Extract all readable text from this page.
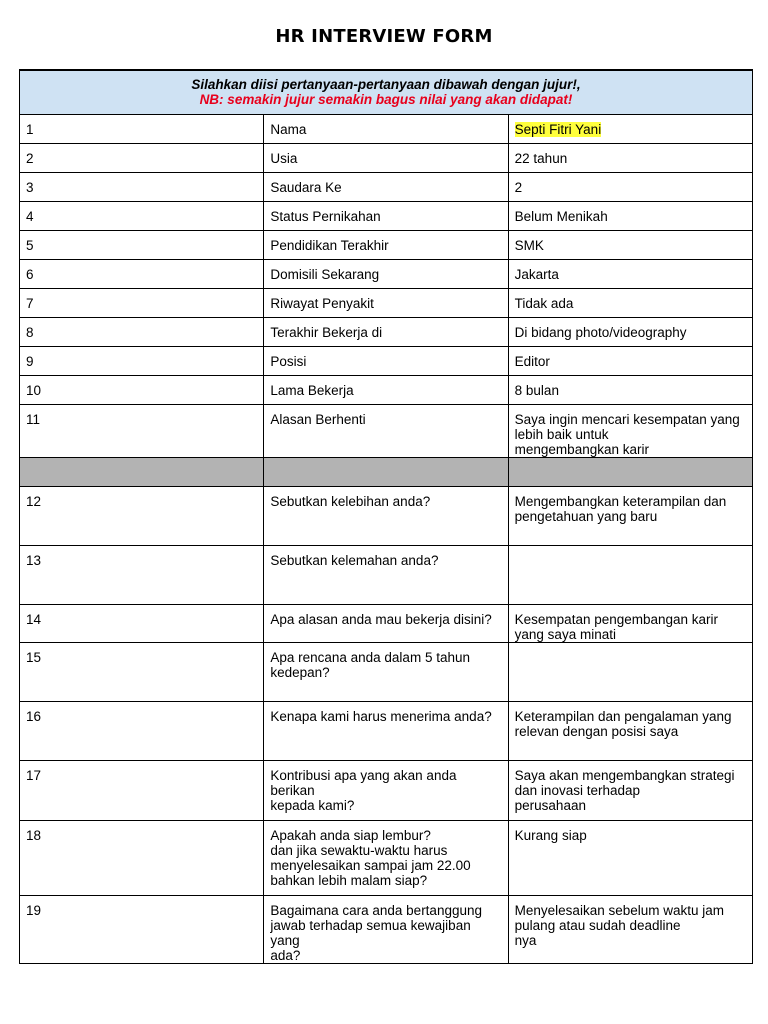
HR INTERVIEW FORM
Silahkan diisi pertanyaan-pertanyaan dibawah dengan jujur!,
NB: semakin jujur semakin bagus nilai yang akan didapat!		

1	Nama	Septi Fitri Yani
2	Usia	22 tahun
3	Saudara Ke	2
4	Status Pernikahan	Belum Menikah
5	Pendidikan Terakhir	SMK
6	Domisili Sekarang	Jakarta
7	Riwayat Penyakit	Tidak ada
8	Terakhir Bekerja di	Di bidang photo/videography
9	Posisi	Editor
10	Lama Bekerja	8 bulan
11	Alasan Berhenti	Saya ingin mencari kesempatan yang lebih baik untuk
mengembangkan karir

12	Sebutkan kelebihan anda?	Mengembangkan keterampilan dan pengetahuan yang baru
13	Sebutkan kelemahan anda?	
14	Apa alasan anda mau bekerja disini?	Kesempatan pengembangan karir yang saya minati
15	Apa rencana anda dalam 5 tahun
kedepan?	
16	Kenapa kami harus menerima anda?	Keterampilan dan pengalaman yang relevan dengan posisi saya
17	Kontribusi apa yang akan anda berikan
kepada kami?	Saya akan mengembangkan strategi dan inovasi terhadap
perusahaan
18	Apakah anda siap lembur?
dan jika sewaktu-waktu harus
menyelesaikan sampai jam 22.00
bahkan lebih malam siap?	Kurang siap
19	Bagaimana cara anda bertanggung
jawab terhadap semua kewajiban yang
ada?	Menyelesaikan sebelum waktu jam pulang atau sudah deadline
nya
